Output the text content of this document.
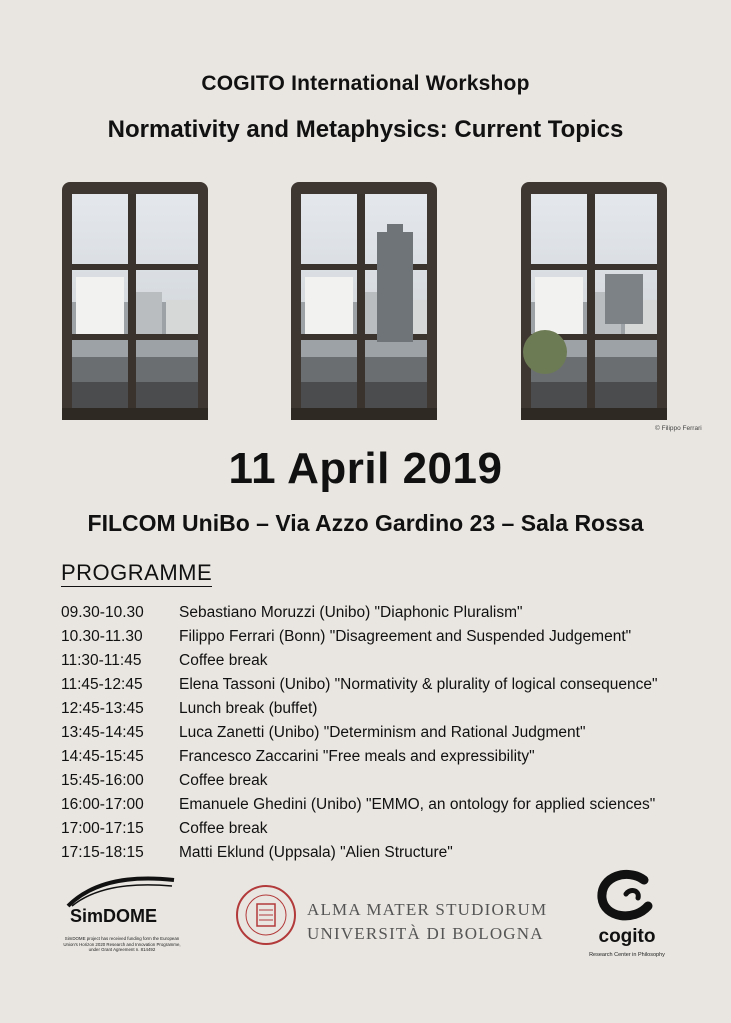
COGITO International Workshop
Normativity and Metaphysics: Current Topics
© Filippo Ferrari
11 April 2019
FILCOM UniBo – Via Azzo Gardino 23 – Sala Rossa
PROGRAMME
09.30-10.30	Sebastiano Moruzzi (Unibo) "Diaphonic Pluralism"
10.30-11.30	Filippo Ferrari (Bonn) "Disagreement and Suspended Judgement"
11:30-11:45	Coffee break
11:45-12:45	Elena Tassoni (Unibo) "Normativity & plurality of logical consequence"
12:45-13:45	Lunch break (buffet)
13:45-14:45	Luca Zanetti (Unibo) "Determinism and Rational Judgment"
14:45-15:45	Francesco Zaccarini "Free meals and expressibility"
15:45-16:00	Coffee break
16:00-17:00	Emanuele Ghedini (Unibo) "EMMO, an ontology for applied sciences"
17:00-17:15	Coffee break
17:15-18:15	Matti Eklund (Uppsala) "Alien Structure"
SimDOME
SimDOME project has received funding form the European Union's Horizon 2020 Research and Innovation Programme, under Grant Agreement n. 814492
ALMA MATER STUDIORUM
UNIVERSITÀ DI BOLOGNA	cogito
Research Center in Philosophy
